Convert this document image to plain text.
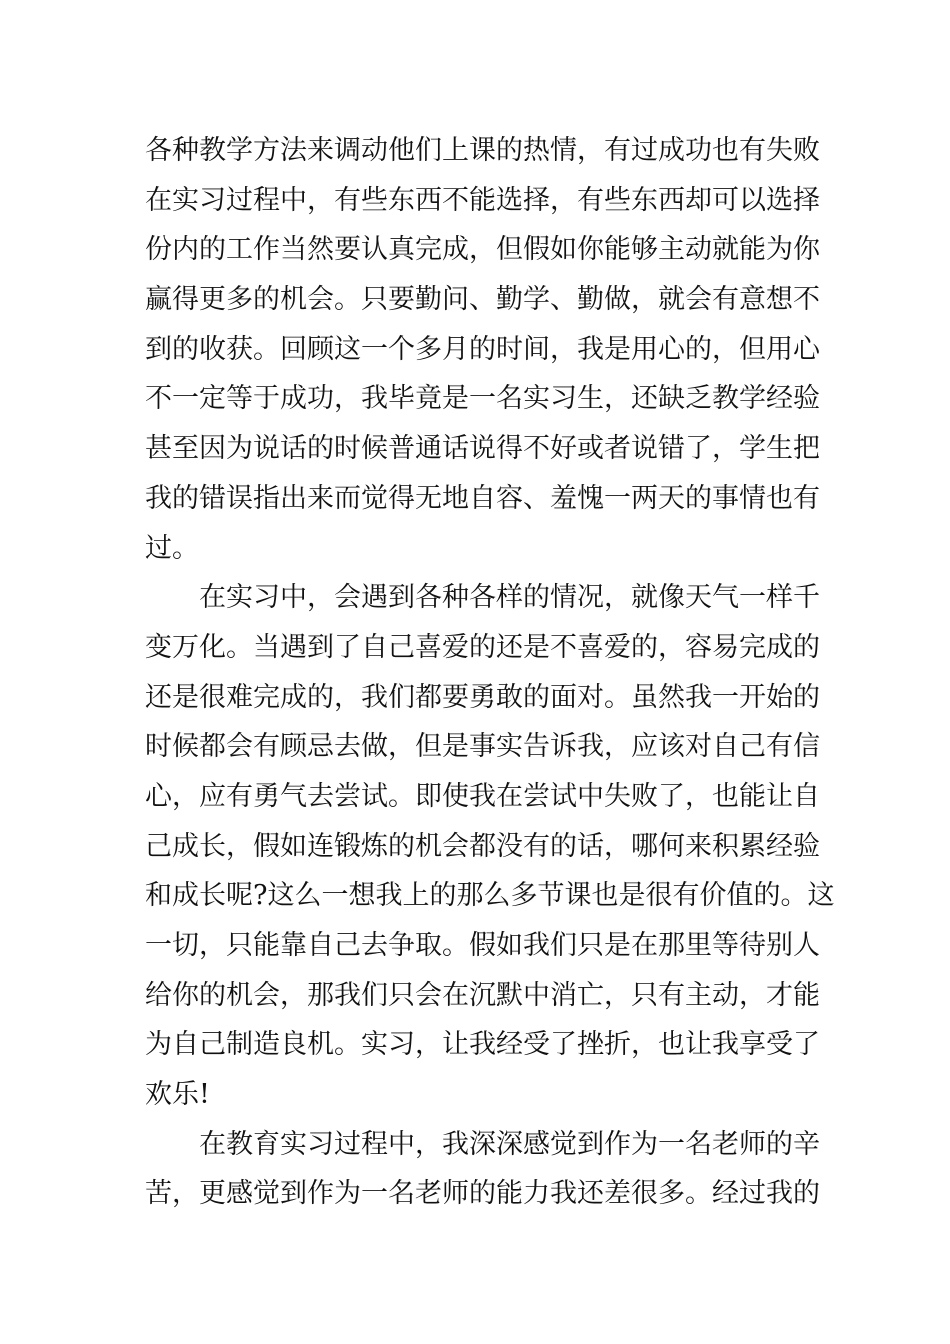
各种教学方法来调动他们上课的热情，有过成功也有失败
在实习过程中，有些东西不能选择，有些东西却可以选择
份内的工作当然要认真完成，但假如你能够主动就能为你
赢得更多的机会。只要勤问、勤学、勤做，就会有意想不
到的收获。回顾这一个多月的时间，我是用心的，但用心
不一定等于成功，我毕竟是一名实习生，还缺乏教学经验
甚至因为说话的时候普通话说得不好或者说错了，学生把
我的错误指出来而觉得无地自容、羞愧一两天的事情也有
过。
在实习中，会遇到各种各样的情况，就像天气一样千
变万化。当遇到了自己喜爱的还是不喜爱的，容易完成的
还是很难完成的，我们都要勇敢的面对。虽然我一开始的
时候都会有顾忌去做，但是事实告诉我，应该对自己有信
心，应有勇气去尝试。即使我在尝试中失败了，也能让自
己成长，假如连锻炼的机会都没有的话，哪何来积累经验
和成长呢?这么一想我上的那么多节课也是很有价值的。这
一切，只能靠自己去争取。假如我们只是在那里等待别人
给你的机会，那我们只会在沉默中消亡，只有主动，才能
为自己制造良机。实习，让我经受了挫折，也让我享受了
欢乐!
在教育实习过程中，我深深感觉到作为一名老师的辛
苦，更感觉到作为一名老师的能力我还差很多。经过我的
